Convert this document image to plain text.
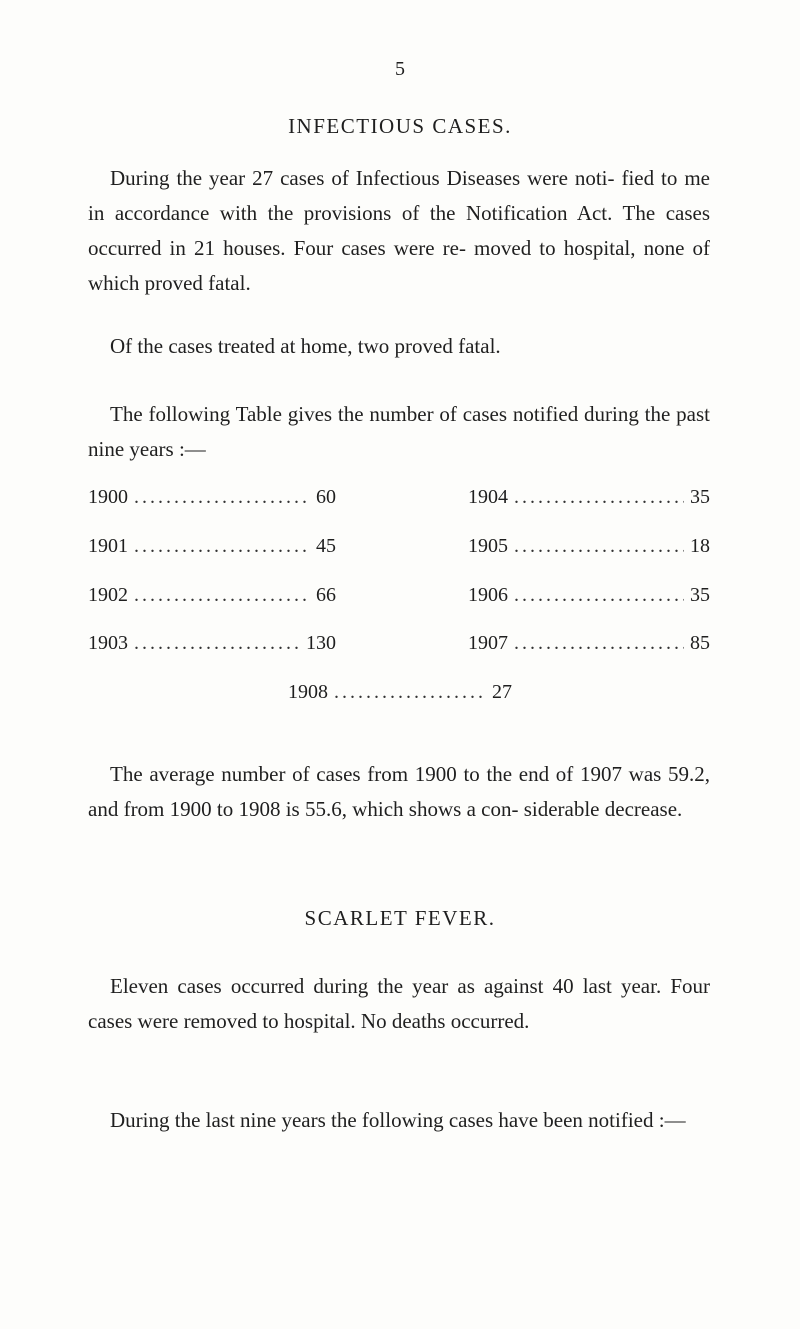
5
INFECTIOUS CASES.

During the year 27 cases of Infectious Diseases were noti- fied to me in accordance with the provisions of the Notification Act. The cases occurred in 21 houses. Four cases were re- moved to hospital, none of which proved fatal.

Of the cases treated at home, two proved fatal.

The following Table gives the number of cases notified during the past nine years :—

1900 .....	60	1904 .....	35
1901 .....	45	1905 .....	18
1902 .....	66	1906 .....	35
1903 .....	130	1907 .....	85
1908 .....	27

The average number of cases from 1900 to the end of 1907 was 59.2, and from 1900 to 1908 is 55.6, which shows a con- siderable decrease.

SCARLET FEVER.

Eleven cases occurred during the year as against 40 last year. Four cases were removed to hospital. No deaths occurred.

During the last nine years the following cases have been notified :—
